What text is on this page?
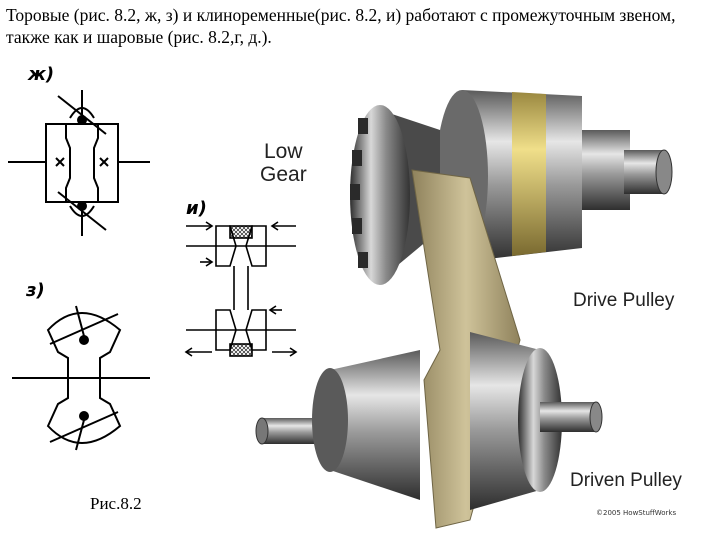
Торовые (рис. 8.2, ж, з) и клиноременные(рис. 8.2, и) работают с промежуточным звеном, также как и шаровые (рис. 8.2,г, д.).
ж)
з)
и)
Low
Gear
Drive Pulley
Driven Pulley
©2005 HowStuffWorks
Рис.8.2
